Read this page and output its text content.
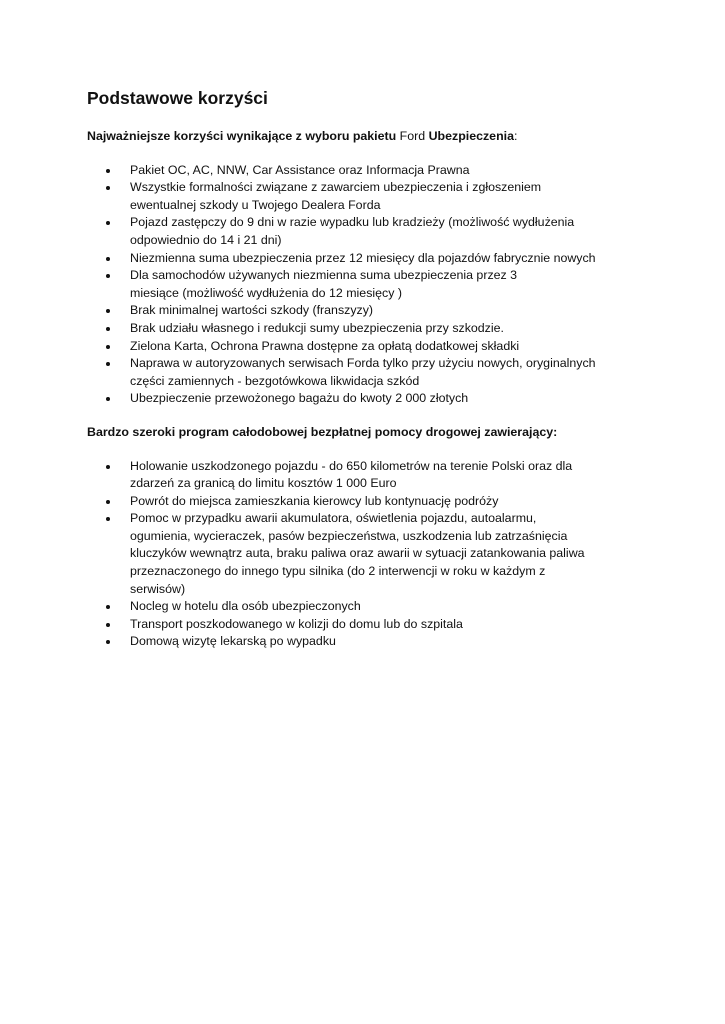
Podstawowe korzyści
Najważniejsze korzyści wynikające z wyboru pakietu Ford Ubezpieczenia:
Pakiet OC, AC, NNW, Car Assistance oraz Informacja Prawna
Wszystkie formalności związane z zawarciem ubezpieczenia i zgłoszeniem
ewentualnej szkody u Twojego Dealera Forda
Pojazd zastępczy do 9 dni w razie wypadku lub kradzieży (możliwość wydłużenia
odpowiednio do 14 i 21 dni)
Niezmienna suma ubezpieczenia przez 12 miesięcy dla pojazdów fabrycznie nowych
Dla samochodów używanych niezmienna suma ubezpieczenia przez 3
miesiące (możliwość wydłużenia do 12 miesięcy )
Brak minimalnej wartości szkody (franszyzy)
Brak udziału własnego i redukcji sumy ubezpieczenia przy szkodzie.
Zielona Karta, Ochrona Prawna dostępne za opłatą dodatkowej składki
Naprawa w autoryzowanych serwisach Forda tylko przy użyciu nowych, oryginalnych
części zamiennych - bezgotówkowa likwidacja szkód
Ubezpieczenie przewożonego bagażu do kwoty 2 000 złotych
Bardzo szeroki program całodobowej bezpłatnej pomocy drogowej zawierający:
Holowanie uszkodzonego pojazdu - do 650 kilometrów na terenie Polski oraz dla
zdarzeń za granicą do limitu kosztów 1 000 Euro
Powrót do miejsca zamieszkania kierowcy lub kontynuację podróży
Pomoc w przypadku awarii akumulatora, oświetlenia pojazdu, autoalarmu,
ogumienia, wycieraczek, pasów bezpieczeństwa, uszkodzenia lub zatrzaśnięcia
kluczyków wewnątrz auta, braku paliwa oraz awarii w sytuacji zatankowania paliwa
przeznaczonego do innego typu silnika (do 2 interwencji w roku w każdym z
serwisów)
Nocleg w hotelu dla osób ubezpieczonych
Transport poszkodowanego w kolizji do domu lub do szpitala
Domową wizytę lekarską po wypadku
